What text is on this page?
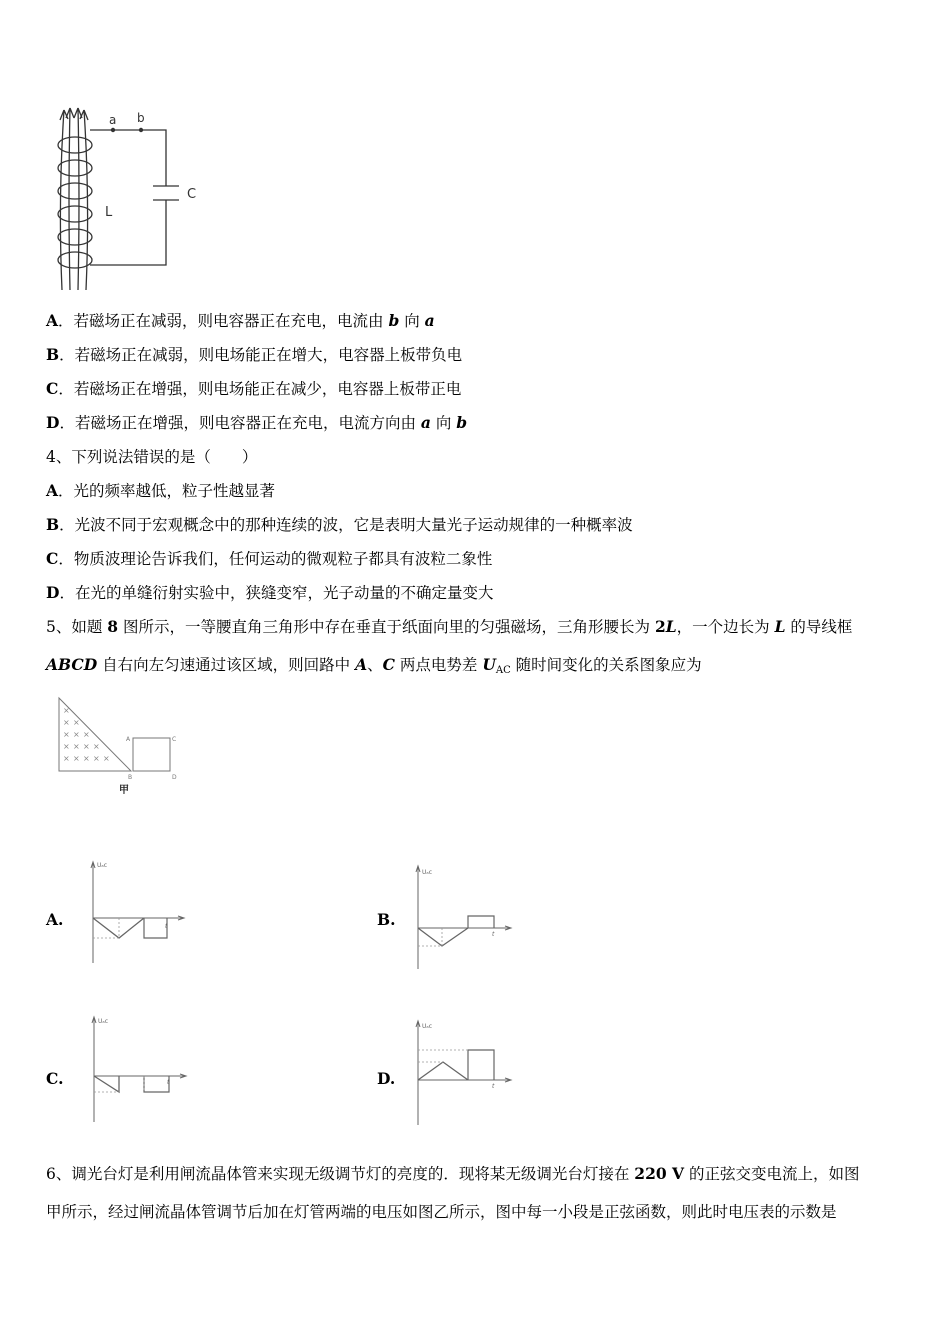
a b
C
L
A．若磁场正在减弱，则电容器正在充电，电流由 b 向 a
B．若磁场正在减弱，则电场能正在增大，电容器上板带负电
C．若磁场正在增强，则电场能正在减少，电容器上板带正电
D．若磁场正在增强，则电容器正在充电，电流方向由 a 向 b
4、下列说法错误的是（　　）
A．光的频率越低，粒子性越显著
B．光波不同于宏观概念中的那种连续的波，它是表明大量光子运动规律的一种概率波
C．物质波理论告诉我们，任何运动的微观粒子都具有波粒二象性
D．在光的单缝衍射实验中，狭缝变窄，光子动量的不确定量变大
5、如题 8 图所示，一等腰直角三角形中存在垂直于纸面向里的匀强磁场，三角形腰长为 2L，一个边长为 L 的导线框
ABCD 自右向左匀速通过该区域，则回路中 A、C 两点电势差 $U_{AC}$ 随时间变化的关系图象应为
×
× ×
× × ×
× × × ×
× × × × ×
A
B
C
D
甲
A.
Uₐc
t	B.
Uₐc
t
C.
Uₐc
t	D.
Uₐc
t
6、调光台灯是利用闸流晶体管来实现无级调节灯的亮度的．现将某无级调光台灯接在 220 V 的正弦交变电流上，如图
甲所示，经过闸流晶体管调节后加在灯管两端的电压如图乙所示，图中每一小段是正弦函数，则此时电压表的示数是
